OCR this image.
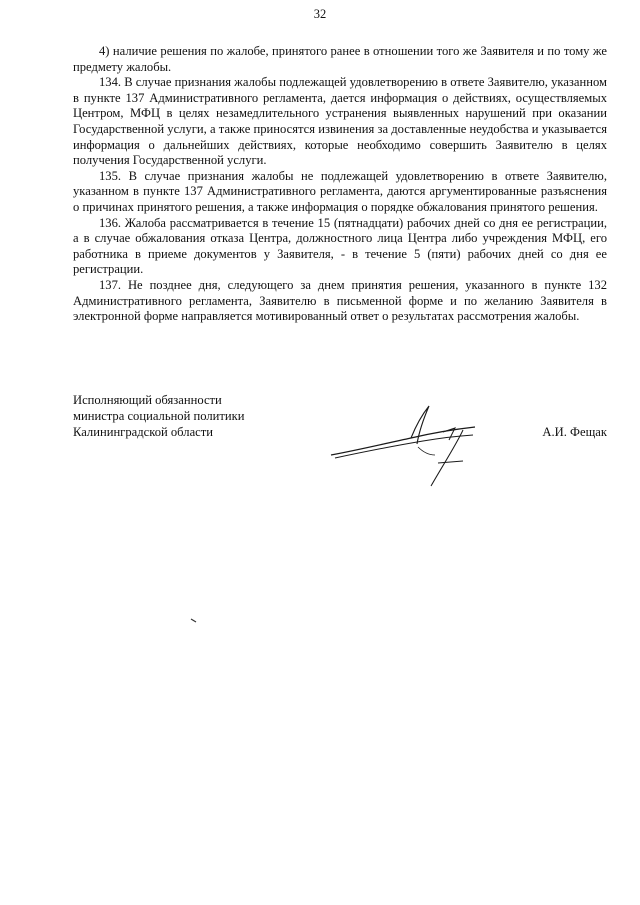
32

4) наличие решения по жалобе, принятого ранее в отношении того же Заявителя и по тому же предмету жалобы.

134. В случае признания жалобы подлежащей удовлетворению в ответе Заявителю, указанном в пункте 137 Административного регламента, дается информация о действиях, осуществляемых Центром, МФЦ в целях незамедлительного устранения выявленных нарушений при оказании Государственной услуги, а также приносятся извинения за доставленные неудобства и указывается информация о дальнейших действиях, которые необходимо совершить Заявителю в целях получения Государственной услуги.

135. В случае признания жалобы не подлежащей удовлетворению в ответе Заявителю, указанном в пункте 137 Административного регламента, даются аргументированные разъяснения о причинах принятого решения, а также информация о порядке обжалования принятого решения.

136. Жалоба рассматривается в течение 15 (пятнадцати) рабочих дней со дня ее регистрации, а в случае обжалования отказа Центра, должностного лица Центра либо учреждения МФЦ, его работника в приеме документов у Заявителя, - в течение 5 (пяти) рабочих дней со дня ее регистрации.

137. Не позднее дня, следующего за днем принятия решения, указанного в пункте 132 Административного регламента, Заявителю в письменной форме и по желанию Заявителя в электронной форме направляется мотивированный ответ о результатах рассмотрения жалобы.

Исполняющий обязанности
министра социальной политики
Калининградской области	А.И. Фещак
